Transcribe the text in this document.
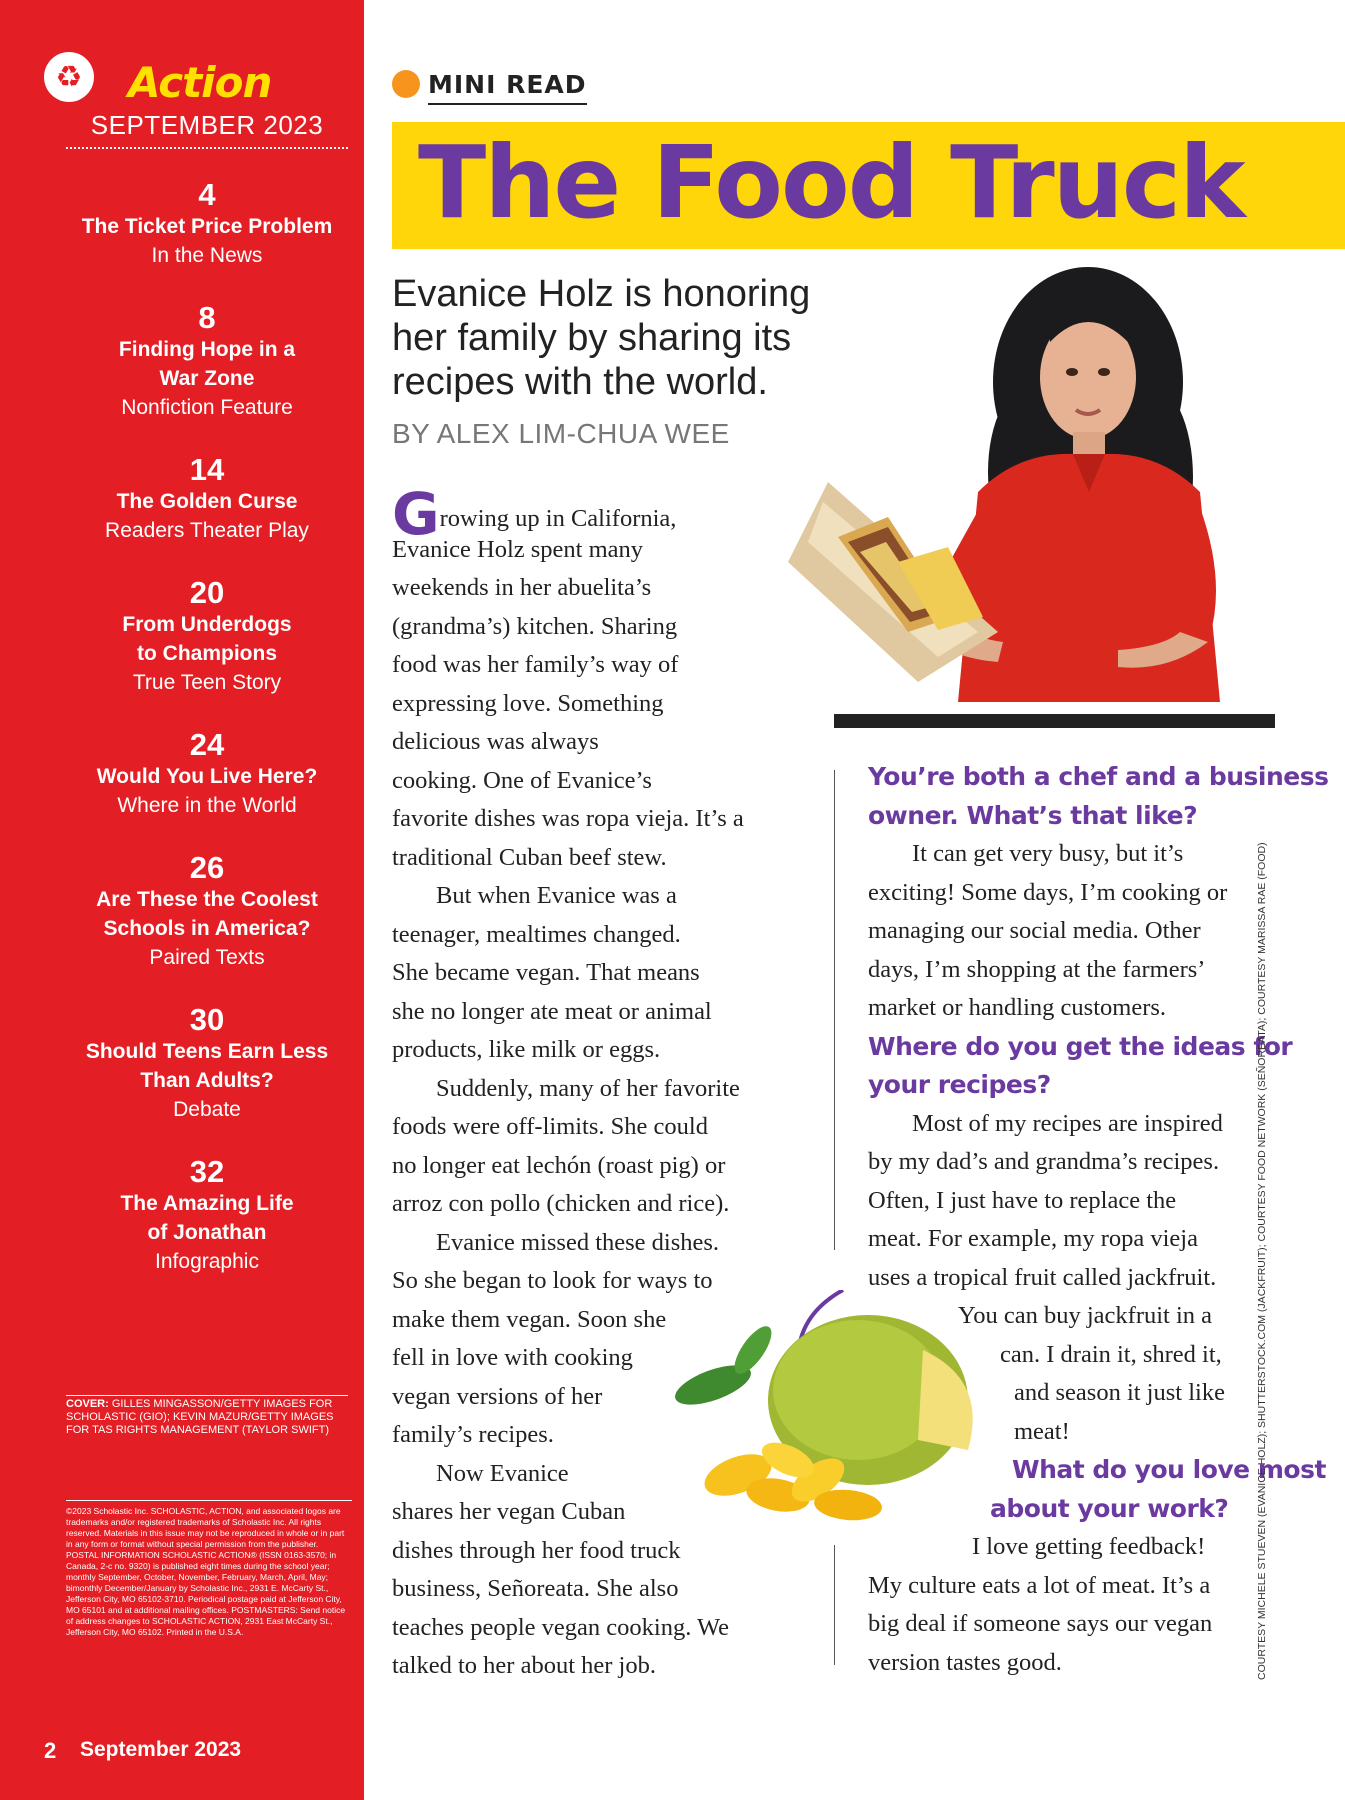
♻ Action
SEPTEMBER 2023
4
The Ticket Price Problem
In the News
8
Finding Hope in a
War Zone
Nonfiction Feature
14
The Golden Curse
Readers Theater Play
20
From Underdogs
to Champions
True Teen Story
24
Would You Live Here?
Where in the World
26
Are These the Coolest
Schools in America?
Paired Texts
30
Should Teens Earn Less
Than Adults?
Debate
32
The Amazing Life
of Jonathan
Infographic
COVER: GILLES MINGASSON/GETTY IMAGES FOR SCHOLASTIC (GIO); KEVIN MAZUR/GETTY IMAGES FOR TAS RIGHTS MANAGEMENT (TAYLOR SWIFT)
©2023 Scholastic Inc. SCHOLASTIC, ACTION, and associated logos are trademarks and/or registered trademarks of Scholastic Inc. All rights reserved. Materials in this issue may not be reproduced in whole or in part in any form or format without special permission from the publisher. POSTAL INFORMATION SCHOLASTIC ACTION® (ISSN 0163-3570; in Canada, 2-c no. 9320) is published eight times during the school year; monthly September, October, November, February, March, April, May; bimonthly December/January by Scholastic Inc., 2931 E. McCarty St., Jefferson City, MO 65102-3710. Periodical postage paid at Jefferson City, MO 65101 and at additional mailing offices. POSTMASTERS: Send notice of address changes to SCHOLASTIC ACTION, 2931 East McCarty St., Jefferson City, MO 65102. Printed in the U.S.A.
2 September 2023
MINI READ
The Food Truck
Evanice Holz is honoring her family by sharing its recipes with the world.
BY ALEX LIM-CHUA WEE
Growing up in California,
Evanice Holz spent many
weekends in her abuelita’s
(grandma’s) kitchen. Sharing
food was her family’s way of
expressing love. Something
delicious was always
cooking. One of Evanice’s
favorite dishes was ropa vieja. It’s a
traditional Cuban beef stew.
But when Evanice was a
teenager, mealtimes changed.
She became vegan. That means
she no longer ate meat or animal
products, like milk or eggs.
Suddenly, many of her favorite
foods were off-limits. She could
no longer eat lechón (roast pig) or
arroz con pollo (chicken and rice).
Evanice missed these dishes.
So she began to look for ways to
make them vegan. Soon she
fell in love with cooking
vegan versions of her
family’s recipes.
Now Evanice
shares her vegan Cuban
dishes through her food truck
business, Señoreata. She also
teaches people vegan cooking. We
talked to her about her job.
You’re both a chef and a business
owner. What’s that like?
It can get very busy, but it’s
exciting! Some days, I’m cooking or
managing our social media. Other
days, I’m shopping at the farmers’
market or handling customers.
Where do you get the ideas for
your recipes?
Most of my recipes are inspired
by my dad’s and grandma’s recipes.
Often, I just have to replace the
meat. For example, my ropa vieja
uses a tropical fruit called jackfruit.
You can buy jackfruit in a
can. I drain it, shred it,
and season it just like
meat!
What do you love most
about your work?
I love getting feedback!
My culture eats a lot of meat. It’s a
big deal if someone says our vegan
version tastes good.	COURTESY MICHELE STUEVEN (EVANICE HOLZ); SHUTTERSTOCK.COM (JACKFRUIT); COURTESY FOOD NETWORK (SEÑOREATA); COURTESY MARISSA RAE (FOOD)
